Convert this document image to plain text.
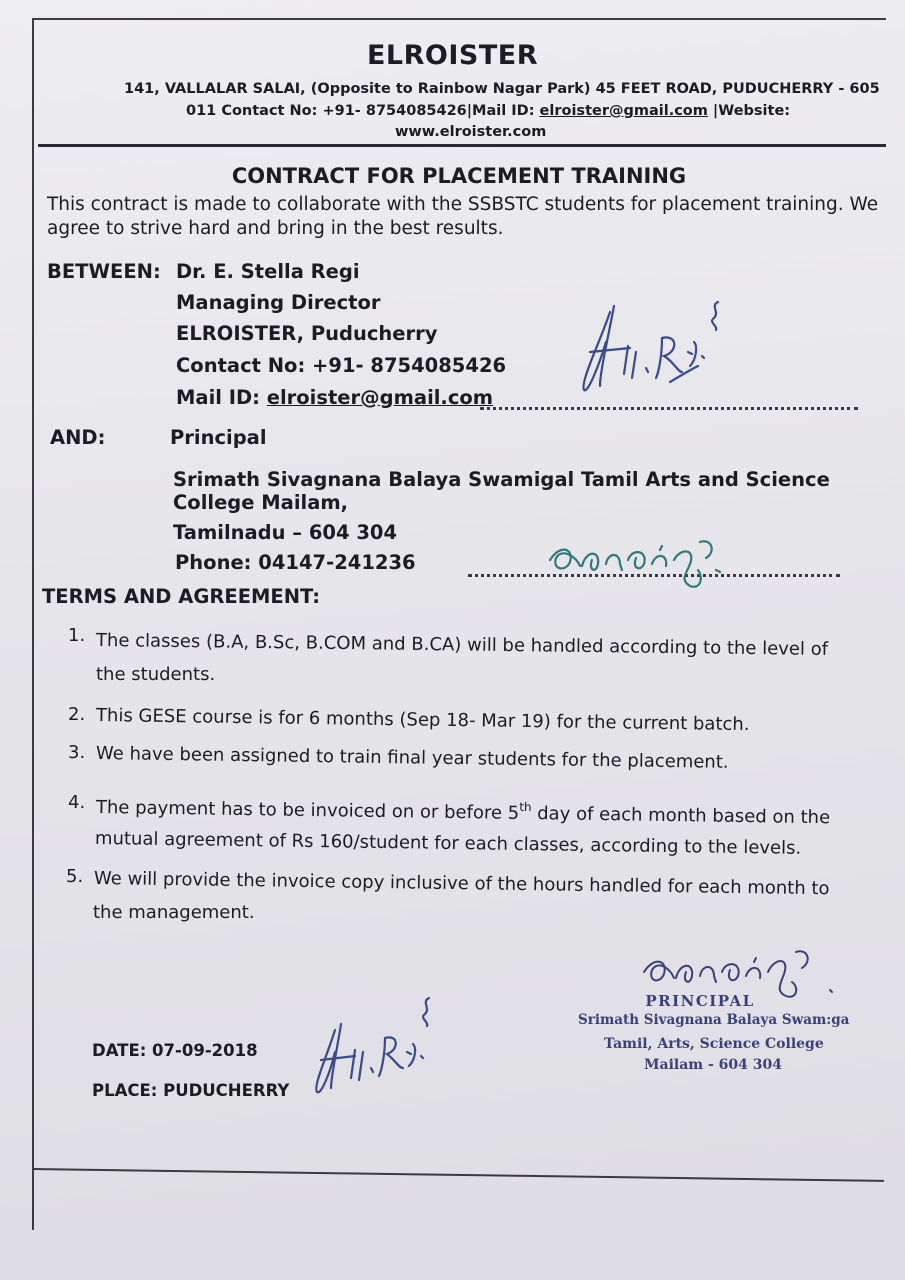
ELROISTER
141, VALLALAR SALAI, (Opposite to Rainbow Nagar Park) 45 FEET ROAD, PUDUCHERRY - 605
011 Contact No: +91- 8754085426|Mail ID: elroister@gmail.com |Website:
www.elroister.com
CONTRACT FOR PLACEMENT TRAINING
This contract is made to collaborate with the SSBSTC students for placement training. We
agree to strive hard and bring in the best results.
BETWEEN: Dr. E. Stella Regi
Managing Director
ELROISTER, Puducherry
Contact No: +91- 8754085426
Mail ID: elroister@gmail.com
AND:	Principal
Srimath Sivagnana Balaya Swamigal Tamil Arts and Science
College Mailam,
Tamilnadu – 604 304
Phone: 04147-241236
TERMS AND AGREEMENT:
1. The classes (B.A, B.Sc, B.COM and B.CA) will be handled according to the level of
the students.
2. This GESE course is for 6 months (Sep 18- Mar 19) for the current batch.
3. We have been assigned to train final year students for the placement.
4. The payment has to be invoiced on or before 5th day of each month based on the
mutual agreement of Rs 160/student for each classes, according to the levels.
5. We will provide the invoice copy inclusive of the hours handled for each month to
the management.
PRINCIPAL
Srimath Sivagnana Balaya Swam:ga
Tamil, Arts, Science College
Mailam - 604 304
DATE: 07-09-2018
PLACE: PUDUCHERRY
